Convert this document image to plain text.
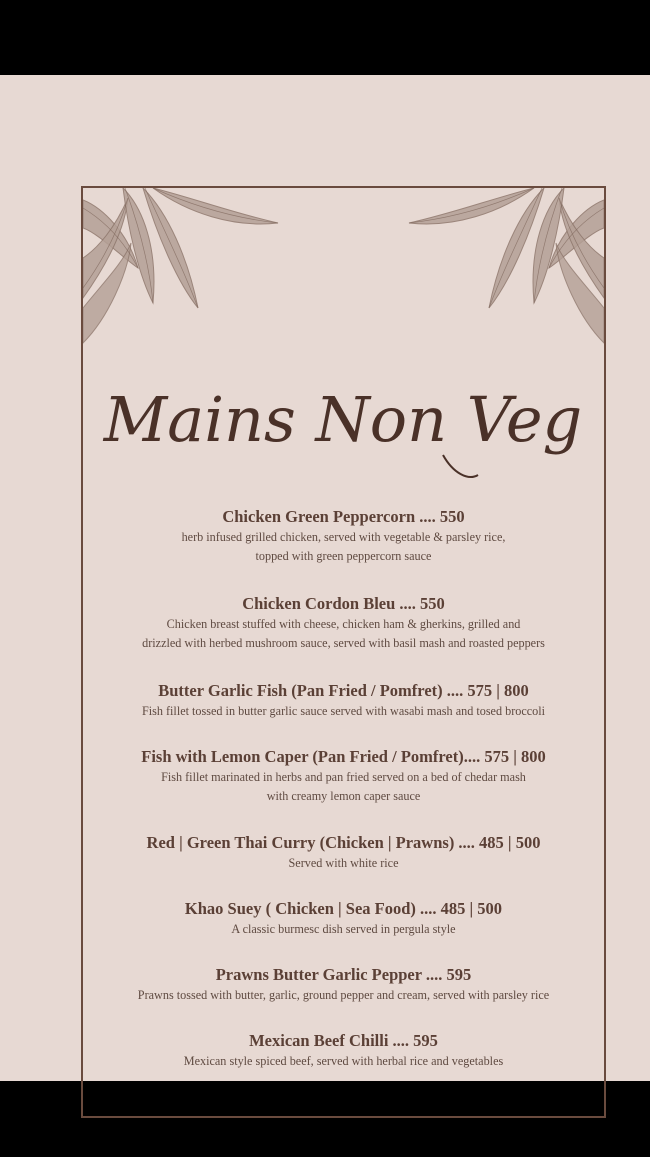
Mains Non Veg
Chicken Green Peppercorn .... 550
herb infused grilled chicken, served with vegetable & parsley rice,
topped with green peppercorn sauce
Chicken Cordon Bleu .... 550
Chicken breast stuffed with cheese, chicken ham & gherkins, grilled and
drizzled with herbed mushroom sauce, served with basil mash and roasted peppers
Butter Garlic Fish (Pan Fried / Pomfret) .... 575 | 800
Fish fillet tossed in butter garlic sauce served with wasabi mash and tosed broccoli
Fish with Lemon Caper (Pan Fried / Pomfret).... 575 | 800
Fish fillet marinated in herbs and pan fried served on a bed of chedar mash
with creamy lemon caper sauce
Red | Green Thai Curry (Chicken | Prawns) .... 485 | 500
Served with white rice
Khao Suey ( Chicken | Sea Food) .... 485 | 500
A classic burmesc dish served in pergula style
Prawns Butter Garlic Pepper .... 595
Prawns tossed with butter, garlic, ground pepper and cream, served with parsley rice
Mexican Beef Chilli .... 595
Mexican style spiced beef, served with herbal rice and vegetables
